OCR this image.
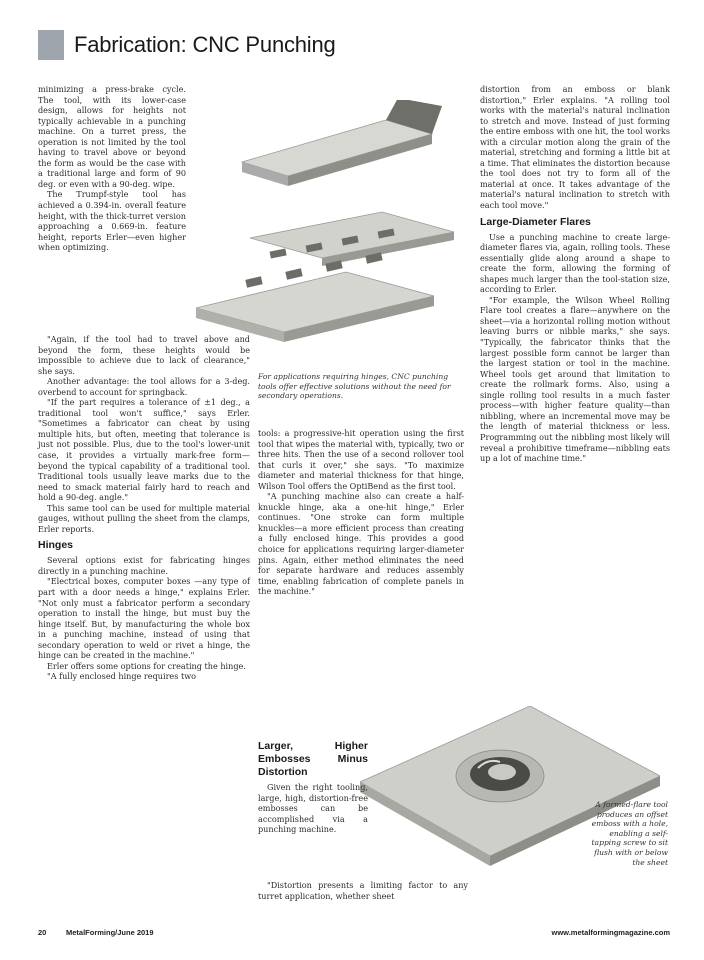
Fabrication: CNC Punching

minimizing a press-brake cycle. The tool, with its lower-case design, allows for heights not typically achievable in a punching machine. On a turret press, the operation is not limited by the tool having to travel above or beyond the form as would be the case with a traditional large and form of 90 deg. or even with a 90-deg. wipe.

The Trumpf-style tool has achieved a 0.394-in. overall feature height, with the thick-turret version approaching a 0.669-in. feature height, reports Erler—even higher when optimizing.

"Again, if the tool had to travel above and beyond the form, these heights would be impossible to achieve due to lack of clearance," she says.

Another advantage: the tool allows for a 3-deg. overbend to account for springback.

"If the part requires a tolerance of ±1 deg., a traditional tool won't suffice," says Erler. "Sometimes a fabricator can cheat by using multiple hits, but often, meeting that tolerance is just not possible. Plus, due to the tool's lower-unit case, it provides a virtually mark-free form—beyond the typical capability of a traditional tool. Traditional tools usually leave marks due to the need to smack material fairly hard to reach and hold a 90-deg. angle."

This same tool can be used for multiple material gauges, without pulling the sheet from the clamps, Erler reports.

Hinges

Several options exist for fabricating hinges directly in a punching machine.

"Electrical boxes, computer boxes —any type of part with a door needs a hinge," explains Erler. "Not only must a fabricator perform a secondary operation to install the hinge, but must buy the hinge itself. But, by manufacturing the whole box in a punching machine, instead of using that secondary operation to weld or rivet a hinge, the hinge can be created in the machine."

Erler offers some options for creating the hinge.

"A fully enclosed hinge requires two

For applications requiring hinges, CNC punching tools offer effective solutions without the need for secondary operations.

tools: a progressive-hit operation using the first tool that wipes the material with, typically, two or three hits. Then the use of a second rollover tool that curls it over," she says. "To maximize diameter and material thickness for that hinge, Wilson Tool offers the OptiBend as the first tool.

"A punching machine also can create a half-knuckle hinge, aka a one-hit hinge," Erler continues. "One stroke can form multiple knuckles—a more efficient process than creating a fully enclosed hinge. This provides a good choice for applications requiring larger-diameter pins. Again, either method eliminates the need for separate hardware and reduces assembly time, enabling fabrication of complete panels in the machine."

Larger, Higher Embosses Minus Distortion

Given the right tooling, large, high, distortion-free embosses can be accomplished via a punching machine.

"Distortion presents a limiting factor to any turret application, whether sheet

distortion from an emboss or blank distortion," Erler explains. "A rolling tool works with the material's natural inclination to stretch and move. Instead of just forming the entire emboss with one hit, the tool works with a circular motion along the grain of the material, stretching and forming a little bit at a time. That eliminates the distortion because the tool does not try to form all of the material at once. It takes advantage of the material's natural inclination to stretch with each tool move."

Large-Diameter Flares

Use a punching machine to create large-diameter flares via, again, rolling tools. These essentially glide along around a shape to create the form, allowing the forming of shapes much larger than the tool-station size, according to Erler.

"For example, the Wilson Wheel Rolling Flare tool creates a flare—anywhere on the sheet—via a horizontal rolling motion without leaving burrs or nibble marks," she says. "Typically, the fabricator thinks that the largest possible form cannot be larger than the largest station or tool in the machine. Wheel tools get around that limitation to create the rollmark forms. Also, using a single rolling tool results in a much faster process—with higher feature quality—than nibbling, where an incremental move may be the length of material thickness or less. Programming out the nibbling most likely will reveal a prohibitive timeframe—nibbling eats up a lot of machine time."

A formed-flare tool produces an offset emboss with a hole, enabling a self-tapping screw to sit flush with or below the sheet
20	MetalForming/June 2019	www.metalformingmagazine.com
